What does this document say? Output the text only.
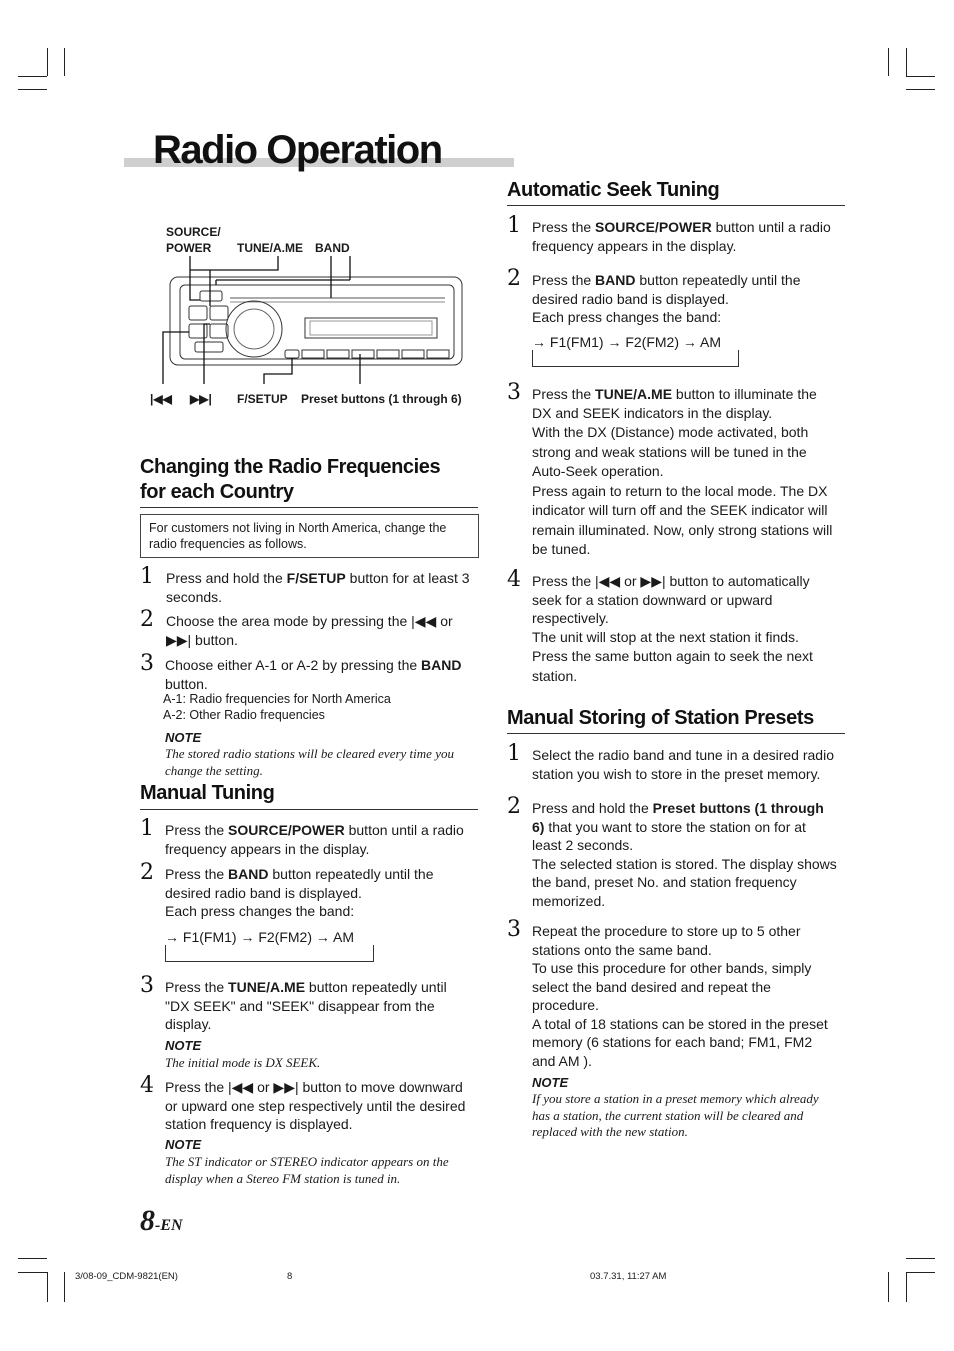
Radio Operation
SOURCE/
POWER	TUNE/A.ME BAND
|◀◀ ▶▶| F/SETUP Preset buttons (1 through 6)
Changing the Radio Frequencies
for each Country
For customers not living in North America, change the
radio frequencies as follows.
1 Press and hold the F/SETUP button for at least 3
seconds.
2 Choose the area mode by pressing the |◀◀ or
▶▶| button.
3 Choose either A-1 or A-2 by pressing the BAND
button.
A-1: Radio frequencies for North America
A-2: Other Radio frequencies
NOTE
The stored radio stations will be cleared every time you
change the setting.
Manual Tuning
1 Press the SOURCE/POWER button until a radio
frequency appears in the display.
2 Press the BAND button repeatedly until the
desired radio band is displayed.
Each press changes the band:
→ F1(FM1) → F2(FM2) → AM
3 Press the TUNE/A.ME button repeatedly until
"DX SEEK" and "SEEK" disappear from the
display.
NOTE
The initial mode is DX SEEK.
4 Press the |◀◀ or ▶▶| button to move downward
or upward one step respectively until the desired
station frequency is displayed.
NOTE
The ST indicator or STEREO indicator appears on the
display when a Stereo FM station is tuned in.
Automatic Seek Tuning
1 Press the SOURCE/POWER button until a radio
frequency appears in the display.
2 Press the BAND button repeatedly until the
desired radio band is displayed.
Each press changes the band:
→ F1(FM1) → F2(FM2) → AM
3 Press the TUNE/A.ME button to illuminate the
DX and SEEK indicators in the display.
With the DX (Distance) mode activated, both
strong and weak stations will be tuned in the
Auto-Seek operation.
Press again to return to the local mode. The DX
indicator will turn off and the SEEK indicator will
remain illuminated. Now, only strong stations will
be tuned.
4 Press the |◀◀ or ▶▶| button to automatically
seek for a station downward or upward
respectively.
The unit will stop at the next station it finds.
Press the same button again to seek the next
station.
Manual Storing of Station Presets
1 Select the radio band and tune in a desired radio
station you wish to store in the preset memory.
2 Press and hold the Preset buttons (1 through
6) that you want to store the station on for at
least 2 seconds.
The selected station is stored. The display shows
the band, preset No. and station frequency
memorized.
3 Repeat the procedure to store up to 5 other
stations onto the same band.
To use this procedure for other bands, simply
select the band desired and repeat the
procedure.
A total of 18 stations can be stored in the preset
memory (6 stations for each band; FM1, FM2
and AM ).
NOTE
If you store a station in a preset memory which already
has a station, the current station will be cleared and
replaced with the new station.
8-EN
3/08-09_CDM-9821(EN)	8	03.7.31, 11:27 AM
